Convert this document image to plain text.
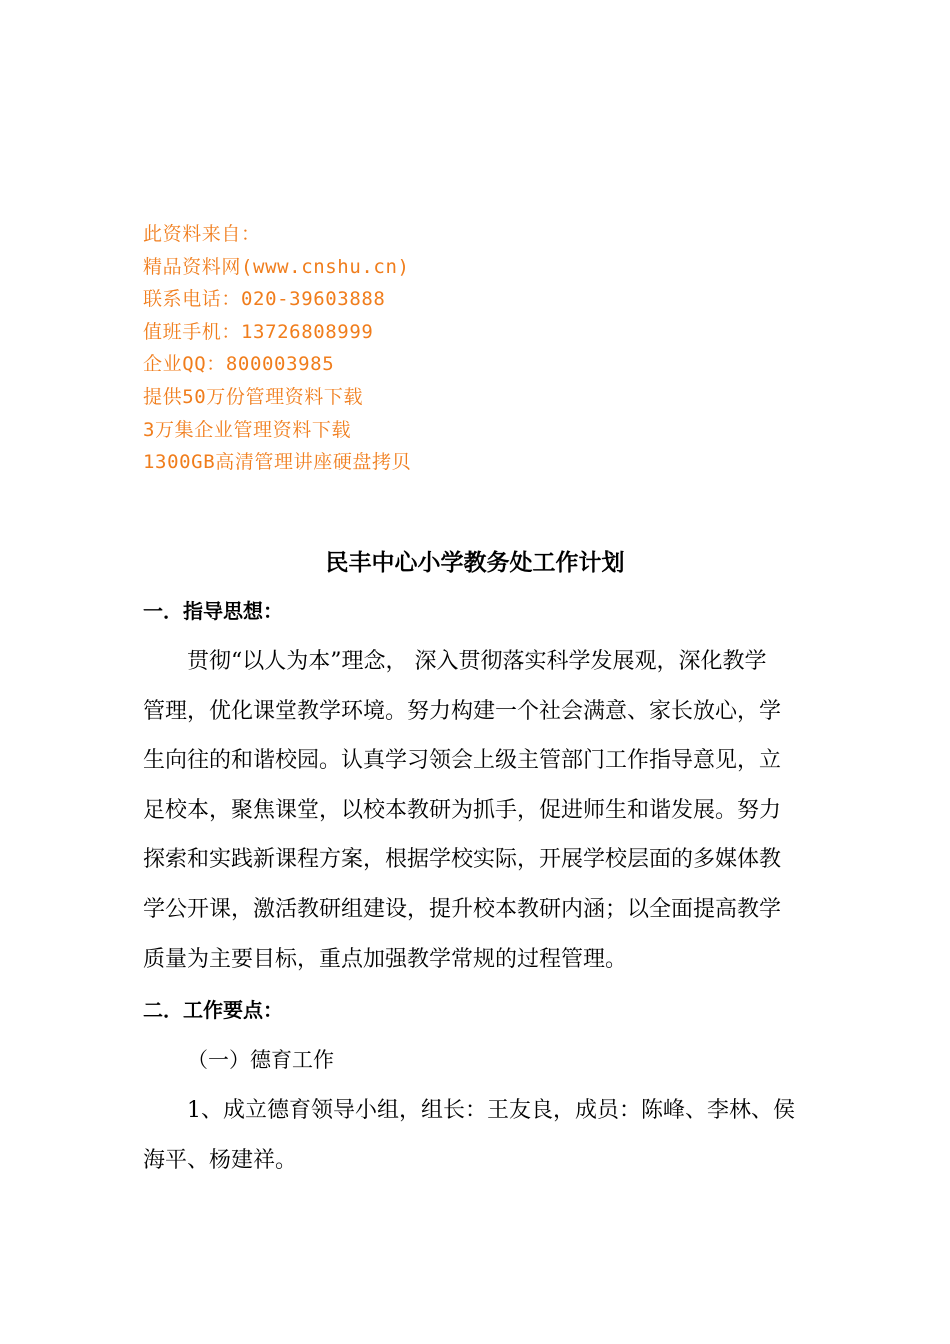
此资料来自：
精品资料网(www.cnshu.cn)
联系电话：020-39603888
值班手机：13726808999
企业QQ：800003985
提供50万份管理资料下载
3万集企业管理资料下载
1300GB高清管理讲座硬盘拷贝
民丰中心小学教务处工作计划
一．指导思想：
贯彻“以人为本”理念， 深入贯彻落实科学发展观，深化教学
管理，优化课堂教学环境。努力构建一个社会满意、家长放心，学
生向往的和谐校园。认真学习领会上级主管部门工作指导意见，立
足校本，聚焦课堂，以校本教研为抓手，促进师生和谐发展。努力
探索和实践新课程方案，根据学校实际，开展学校层面的多媒体教
学公开课，激活教研组建设，提升校本教研内涵；以全面提高教学
质量为主要目标，重点加强教学常规的过程管理。
二．工作要点：
（一）德育工作
1、成立德育领导小组，组长：王友良，成员：陈峰、李林、侯
海平、杨建祥。
